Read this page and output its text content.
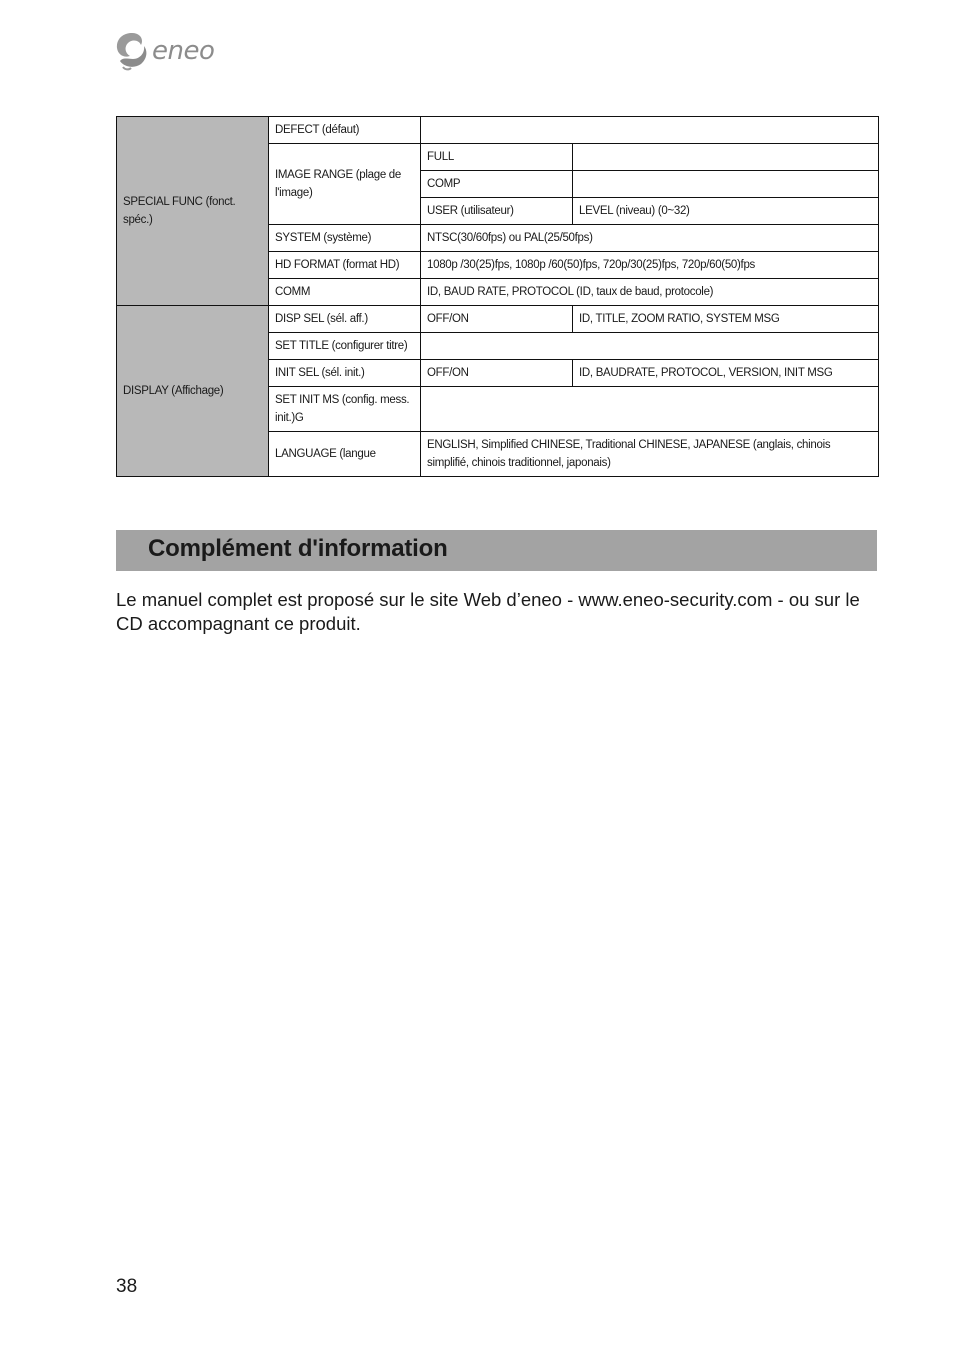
eneo
SPECIAL FUNC (fonct. spéc.)	DEFECT (défaut)		
	IMAGE RANGE (plage de l'image)	FULL	
		COMP	
		USER (utilisateur)	LEVEL (niveau) (0~32)
	SYSTEM (système)	NTSC(30/60fps) ou PAL(25/50fps)	
	HD FORMAT (format HD)	1080p /30(25)fps, 1080p /60(50)fps, 720p/30(25)fps, 720p/60(50)fps	
	COMM	ID, BAUD RATE, PROTOCOL (ID, taux de baud, protocole)	
DISPLAY (Affichage)	DISP SEL (sél. aff.)	OFF/ON	ID, TITLE, ZOOM RATIO, SYSTEM MSG
	SET TITLE (configurer titre)		
	INIT SEL (sél. init.)	OFF/ON	ID, BAUDRATE, PROTOCOL, VERSION, INIT MSG
	SET INIT MS (config. mess. init.)G		
	LANGUAGE (langue	ENGLISH, Simplified CHINESE, Traditional CHINESE, JAPANESE (anglais, chinois simplifié, chinois traditionnel, japonais)	
Complément d'information

Le manuel complet est proposé sur le site Web d’eneo - www.eneo-security.com - ou sur le CD accompagnant ce produit.

38
